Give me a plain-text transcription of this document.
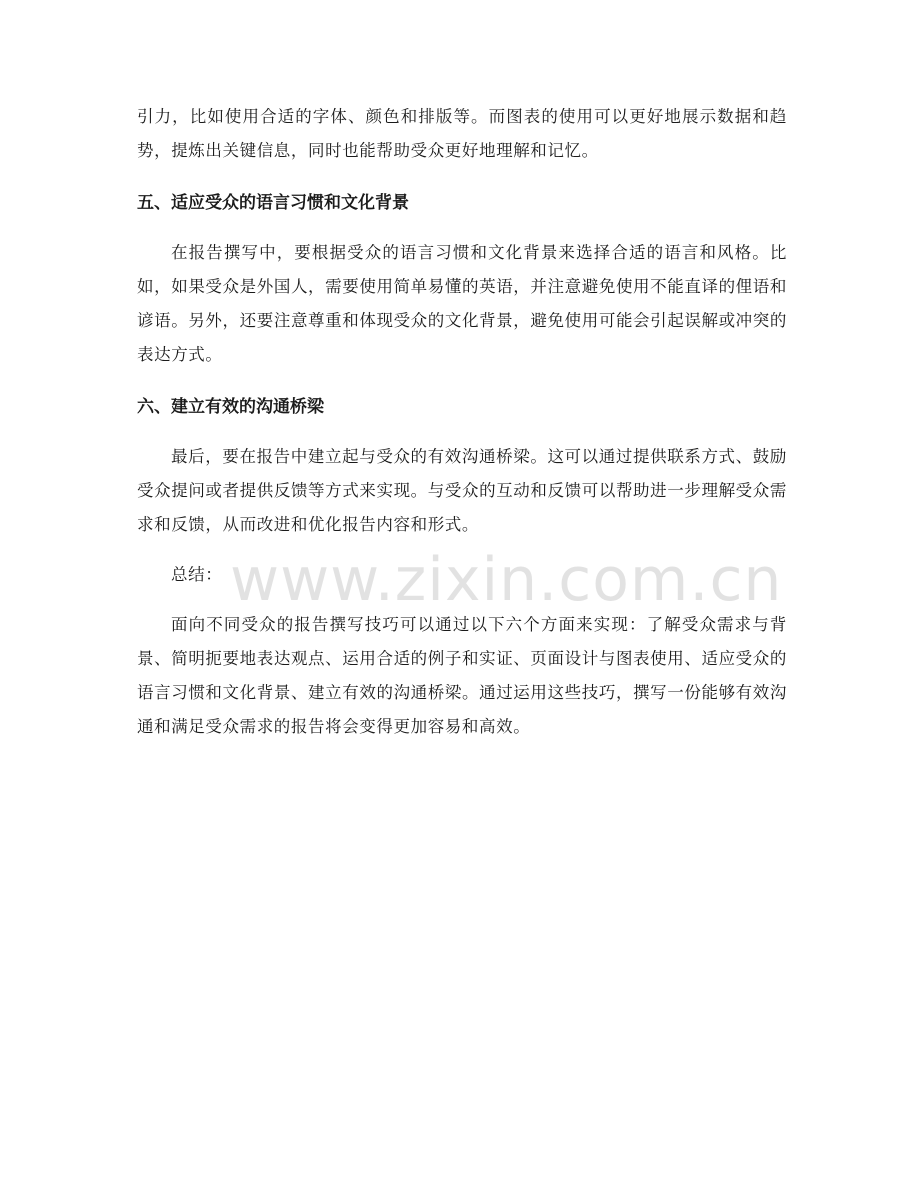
引力，比如使用合适的字体、颜色和排版等。而图表的使用可以更好地展示数据和趋势，提炼出关键信息，同时也能帮助受众更好地理解和记忆。

五、适应受众的语言习惯和文化背景

在报告撰写中，要根据受众的语言习惯和文化背景来选择合适的语言和风格。比如，如果受众是外国人，需要使用简单易懂的英语，并注意避免使用不能直译的俚语和谚语。另外，还要注意尊重和体现受众的文化背景，避免使用可能会引起误解或冲突的表达方式。

六、建立有效的沟通桥梁

最后，要在报告中建立起与受众的有效沟通桥梁。这可以通过提供联系方式、鼓励受众提问或者提供反馈等方式来实现。与受众的互动和反馈可以帮助进一步理解受众需求和反馈，从而改进和优化报告内容和形式。

总结：

面向不同受众的报告撰写技巧可以通过以下六个方面来实现：了解受众需求与背景、简明扼要地表达观点、运用合适的例子和实证、页面设计与图表使用、适应受众的语言习惯和文化背景、建立有效的沟通桥梁。通过运用这些技巧，撰写一份能够有效沟通和满足受众需求的报告将会变得更加容易和高效。

www.zixin.com.cn
